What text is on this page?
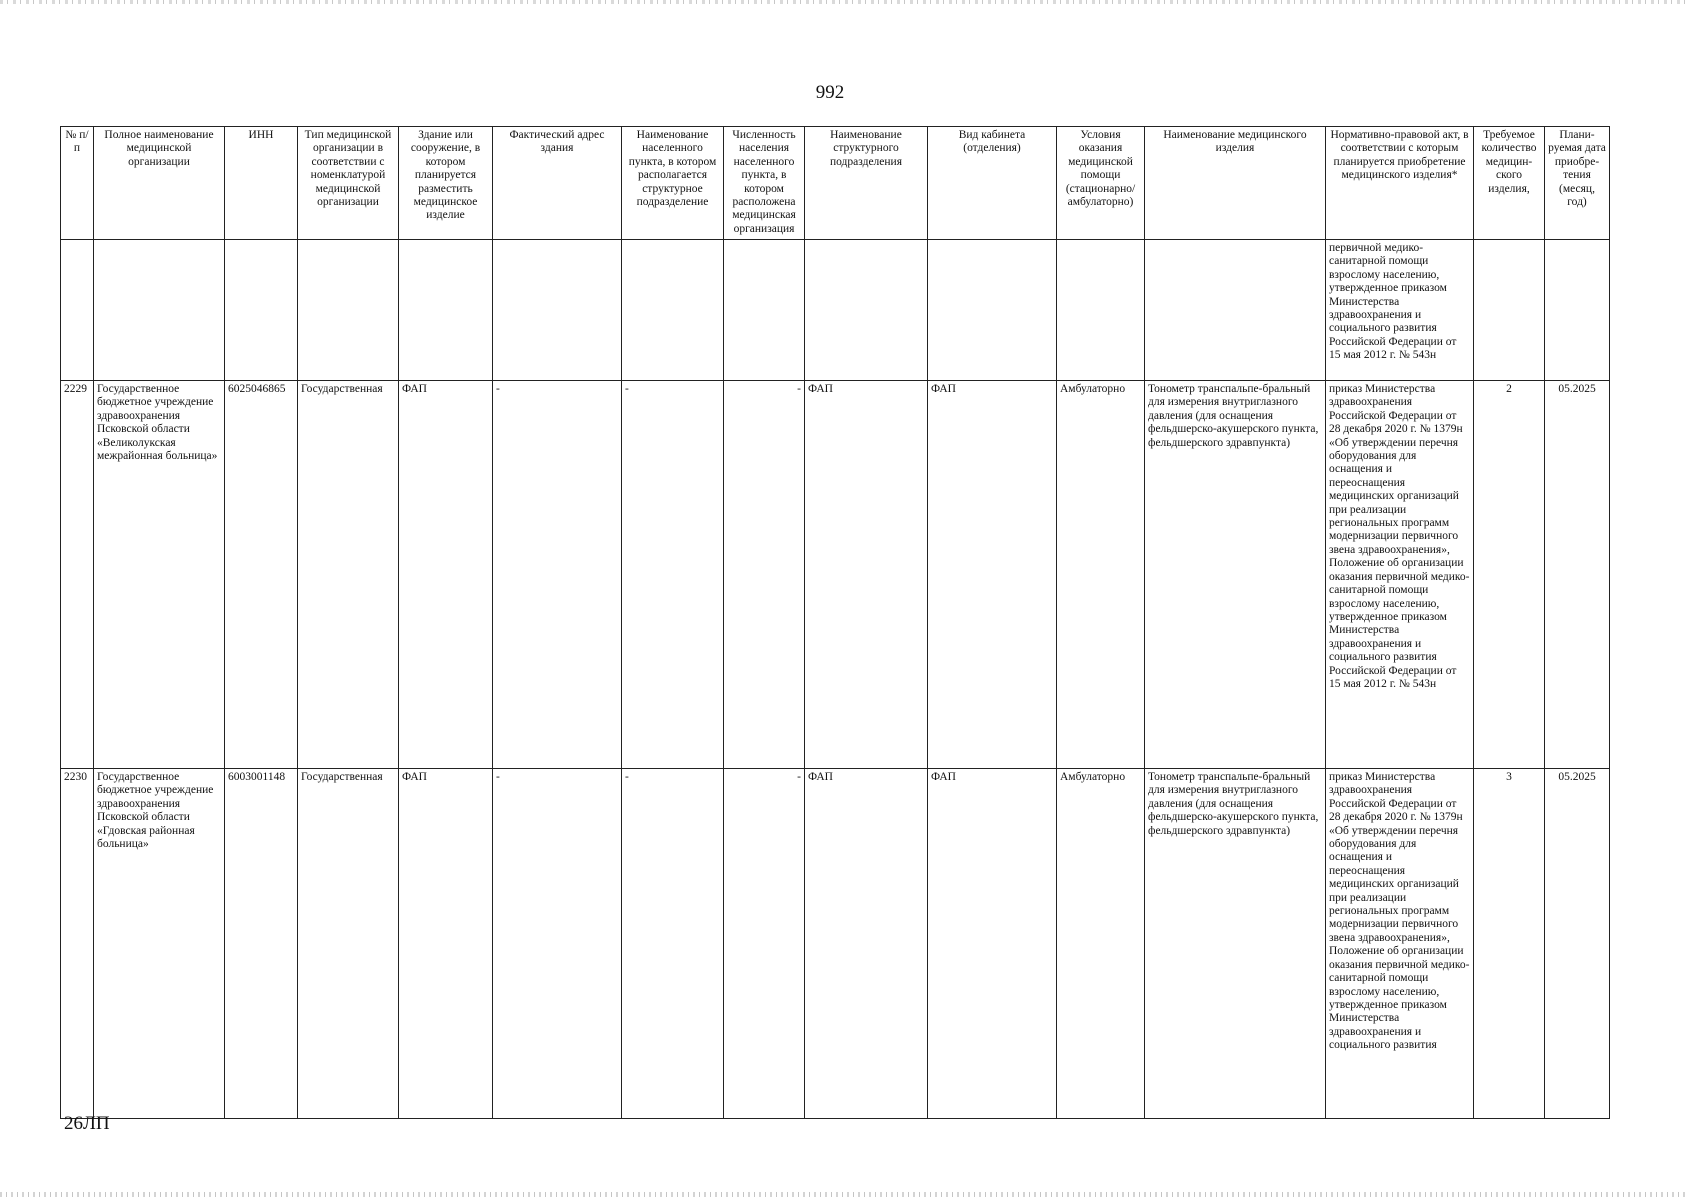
992
№ п/п	Полное наименование медицинской организации	ИНН	Тип медицинской организации в соответствии с номенклатурой медицинской организации	Здание или сооружение, в котором планируется разместить медицинское изделие	Фактический адрес здания	Наименование населенного пункта, в котором располагается структурное подразделение	Численность населения населенного пункта, в котором расположена медицинская организация	Наименование структурного подразделения	Вид кабинета (отделения)	Условия оказания медицинской помощи (стационарно/ амбулаторно)	Наименование медицинского изделия	Нормативно-правовой акт, в соответствии с которым планируется приобретение медицинского изделия*	Требуемое количество медицин-ского изделия,	Плани-руемая дата приобре-тения (месяц, год)
												первичной медико-санитарной помощи взрослому населению, утвержденное приказом Министерства здравоохранения и социального развития Российской Федерации от 15 мая 2012 г. № 543н		
2229	Государственное бюджетное учреждение здравоохранения Псковской области «Великолукская межрайонная больница»	6025046865	Государственная	ФАП	-	-	-	ФАП	ФАП	Амбулаторно	Тонометр транспальпе-бральный для измерения внутриглазного давления (для оснащения фельдшерско-акушерского пункта, фельдшерского здравпункта)	приказ Министерства здравоохранения Российской Федерации от 28 декабря 2020 г. № 1379н «Об утверждении перечня оборудования для оснащения и переоснащения медицинских организаций при реализации региональных программ модернизации первичного звена здравоохранения», Положение об организации оказания первичной медико-санитарной помощи взрослому населению, утвержденное приказом Министерства здравоохранения и социального развития Российской Федерации от 15 мая 2012 г. № 543н	2	05.2025
2230	Государственное бюджетное учреждение здравоохранения Псковской области «Гдовская районная больница»	6003001148	Государственная	ФАП	-	-	-	ФАП	ФАП	Амбулаторно	Тонометр транспальпе-бральный для измерения внутриглазного давления (для оснащения фельдшерско-акушерского пункта, фельдшерского здравпункта)	приказ Министерства здравоохранения Российской Федерации от 28 декабря 2020 г. № 1379н «Об утверждении перечня оборудования для оснащения и переоснащения медицинских организаций при реализации региональных программ модернизации первичного звена здравоохранения», Положение об организации оказания первичной медико-санитарной помощи взрослому населению, утвержденное приказом Министерства здравоохранения и социального развития	3	05.2025
26ЛП
